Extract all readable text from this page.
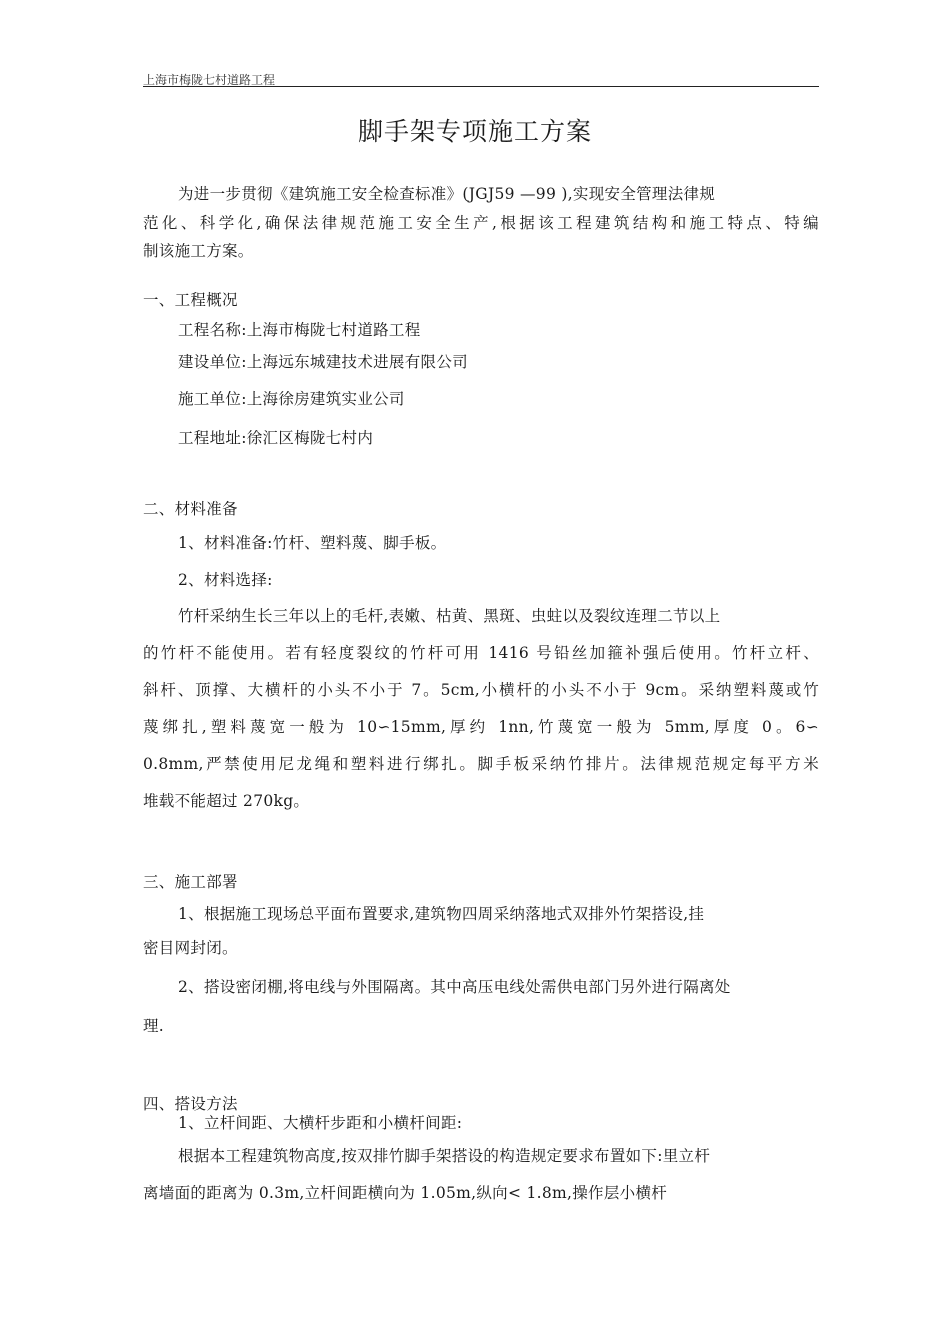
上海市梅陇七村道路工程
脚手架专项施工方案
为进一步贯彻《建筑施工安全检查标准》(JGJ59 —99 ),实现安全管理法律规
范化、科学化,确保法律规范施工安全生产,根据该工程建筑结构和施工特点、特编
制该施工方案。
一、工程概况
工程名称:上海市梅陇七村道路工程
建设单位:上海远东城建技术进展有限公司
施工单位:上海徐房建筑实业公司
工程地址:徐汇区梅陇七村内
二、材料准备
1、材料准备:竹杆、塑料蔑、脚手板。
2、材料选择:
竹杆采纳生长三年以上的毛杆,表嫩、枯黄、黑斑、虫蛀以及裂纹连理二节以上
的竹杆不能使用。若有轻度裂纹的竹杆可用 1416 号铅丝加箍补强后使用。竹杆立杆、
斜杆、顶撑、大横杆的小头不小于 7。5cm,小横杆的小头不小于 9cm。采纳塑料蔑或竹
蔑绑扎,塑料蔑宽一般为 10∽15mm,厚约 1nn,竹蔑宽一般为 5mm,厚度 0。6∽
0.8mm,严禁使用尼龙绳和塑料进行绑扎。脚手板采纳竹排片。法律规范规定每平方米
堆载不能超过 270kg。
三、施工部署
1、根据施工现场总平面布置要求,建筑物四周采纳落地式双排外竹架搭设,挂
密目网封闭。
2、搭设密闭棚,将电线与外围隔离。其中高压电线处需供电部门另外进行隔离处
理.
四、搭设方法
1、立杆间距、大横杆步距和小横杆间距:
根据本工程建筑物高度,按双排竹脚手架搭设的构造规定要求布置如下:里立杆
离墙面的距离为 0.3m,立杆间距横向为 1.05m,纵向< 1.8m,操作层小横杆
